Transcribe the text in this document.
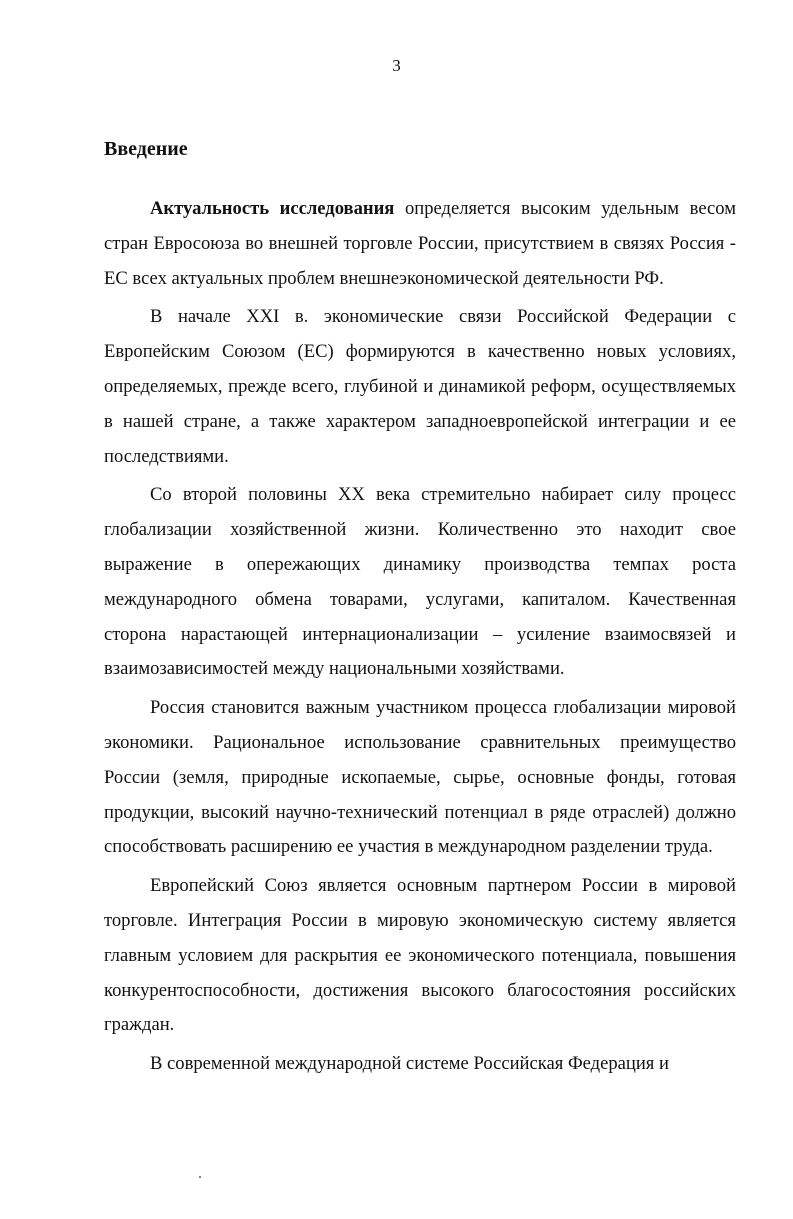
3
Введение

Актуальность исследования определяется высоким удельным весом стран Евросоюза во внешней торговле России, присутствием в связях Россия - ЕС всех актуальных проблем внешнеэкономической деятельности РФ.

В начале XXI в. экономические связи Российской Федерации с Европейским Союзом (ЕС) формируются в качественно новых условиях, определяемых, прежде всего, глубиной и динамикой реформ, осуществляемых в нашей стране, а также характером западноевропейской интеграции и ее последствиями.

Со второй половины XX века стремительно набирает силу процесс глобализации хозяйственной жизни. Количественно это находит свое выражение в опережающих динамику производства темпах роста международного обмена товарами, услугами, капиталом. Качественная сторона нарастающей интернационализации – усиление взаимосвязей и взаимозависимостей между национальными хозяйствами.

Россия становится важным участником процесса глобализации мировой экономики. Рациональное использование сравнительных преимущество России (земля, природные ископаемые, сырье, основные фонды, готовая продукции, высокий научно-технический потенциал в ряде отраслей) должно способствовать расширению ее участия в международном разделении труда.

Европейский Союз является основным партнером России в мировой торговле. Интеграция России в мировую экономическую систему является главным условием для раскрытия ее экономического потенциала, повышения конкурентоспособности, достижения высокого благосостояния российских граждан.

В современной международной системе Российская Федерация и
